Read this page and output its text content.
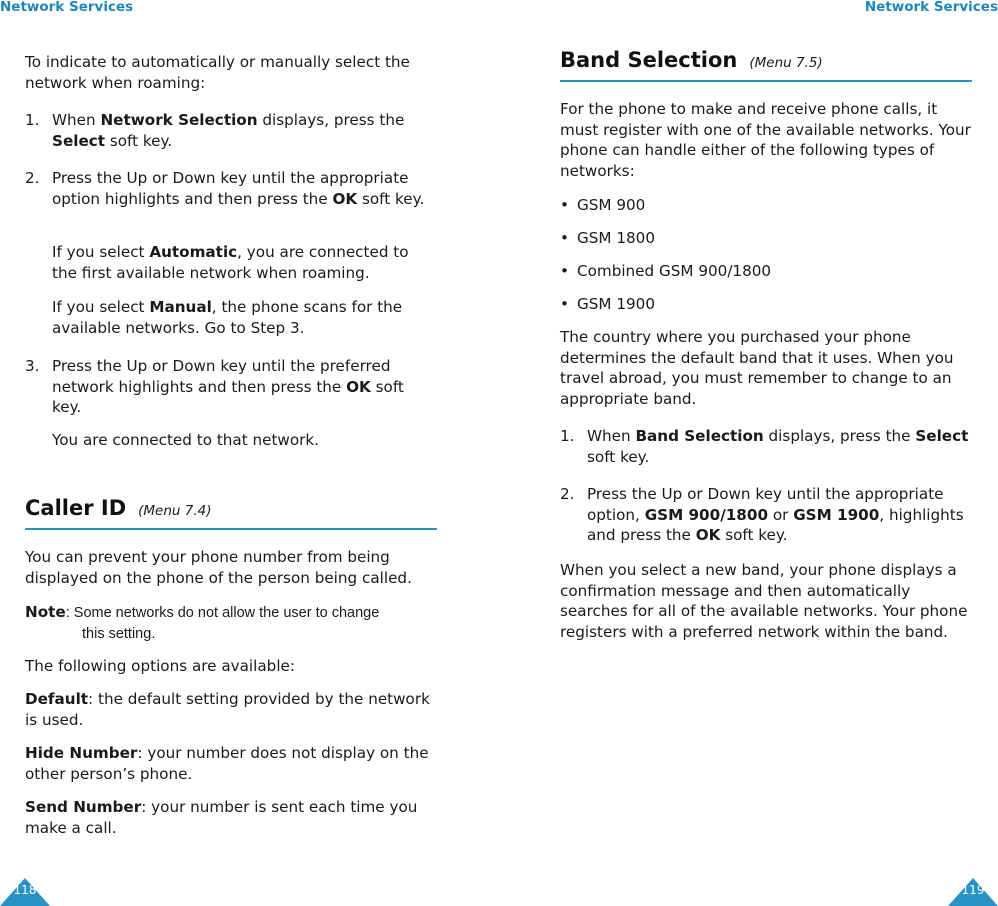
Network Services

To indicate to automatically or manually select the network when roaming:

1. When Network Selection displays, press the Select soft key.

2. Press the Up or Down key until the appropriate option highlights and then press the OK soft key.

If you select Automatic, you are connected to the first available network when roaming.

If you select Manual, the phone scans for the available networks. Go to Step 3.

3. Press the Up or Down key until the preferred network highlights and then press the OK soft key.

You are connected to that network.

Caller ID (Menu 7.4)

You can prevent your phone number from being displayed on the phone of the person being called.

Note: Some networks do not allow the user to change

this setting.

The following options are available:

Default: the default setting provided by the network is used.

Hide Number: your number does not display on the other person’s phone.

Send Number: your number is sent each time you make a call.

118
Network Services
Band Selection (Menu 7.5)

For the phone to make and receive phone calls, it must register with one of the available networks. Your phone can handle either of the following types of networks:

• GSM 900
• GSM 1800
• Combined GSM 900/1800
• GSM 1900

The country where you purchased your phone determines the default band that it uses. When you travel abroad, you must remember to change to an appropriate band.

1. When Band Selection displays, press the Select soft key.

2. Press the Up or Down key until the appropriate option, GSM 900/1800 or GSM 1900, highlights and press the OK soft key.

When you select a new band, your phone displays a confirmation message and then automatically searches for all of the available networks. Your phone registers with a preferred network within the band.

119
